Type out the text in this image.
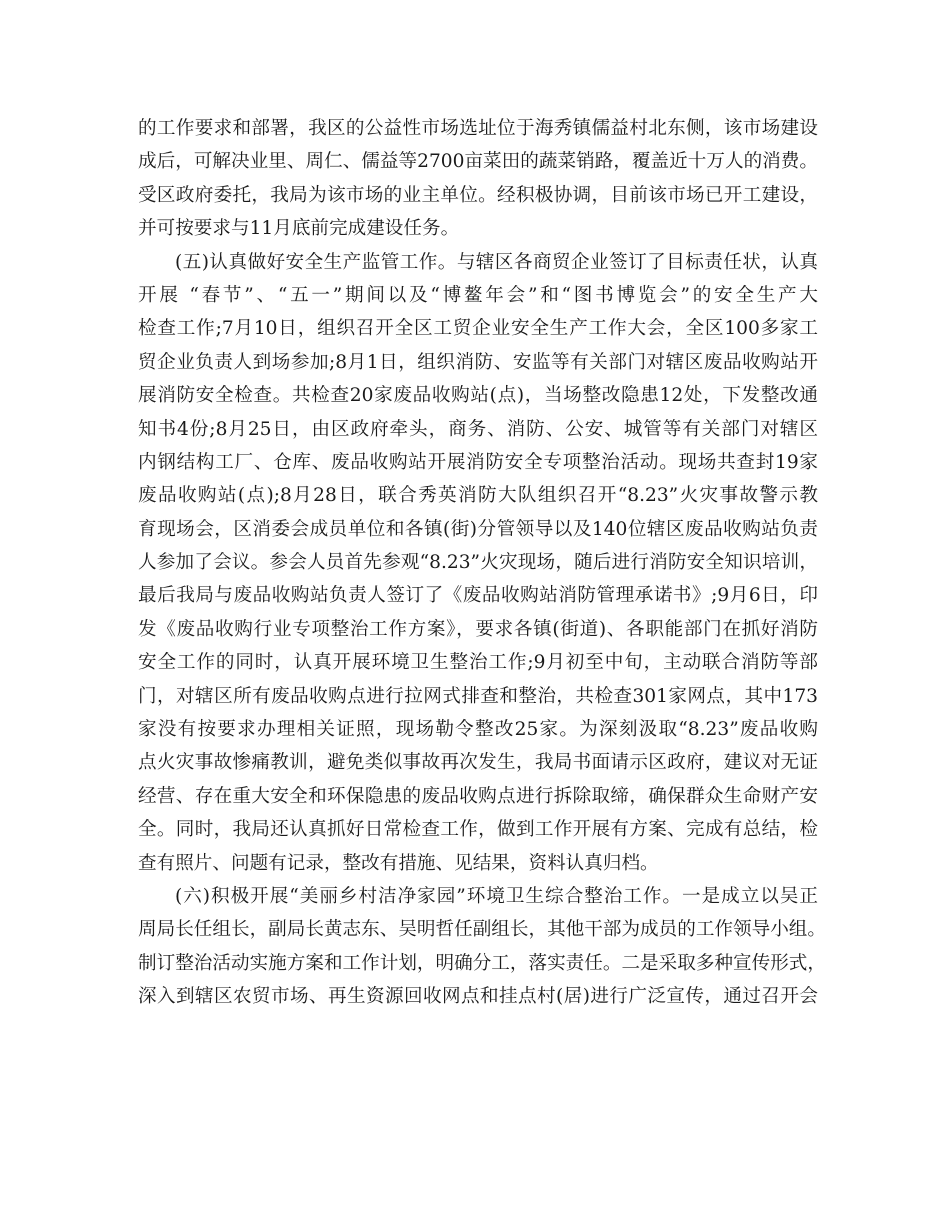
的工作要求和部署，我区的公益性市场选址位于海秀镇儒益村北东侧，该市场建设
成后，可解决业里、周仁、儒益等2700亩菜田的蔬菜销路，覆盖近十万人的消费。
受区政府委托，我局为该市场的业主单位。经积极协调，目前该市场已开工建设，
并可按要求与11月底前完成建设任务。
(五)认真做好安全生产监管工作。与辖区各商贸企业签订了目标责任状，认真
开展 “春节”、“五一”期间以及“博鳌年会”和“图书博览会”的安全生产大
检查工作;7月10日，组织召开全区工贸企业安全生产工作大会，全区100多家工
贸企业负责人到场参加;8月1日，组织消防、安监等有关部门对辖区废品收购站开
展消防安全检查。共检查20家废品收购站(点)，当场整改隐患12处，下发整改通
知书4份;8月25日，由区政府牵头，商务、消防、公安、城管等有关部门对辖区
内钢结构工厂、仓库、废品收购站开展消防安全专项整治活动。现场共查封19家
废品收购站(点);8月28日，联合秀英消防大队组织召开“8.23”火灾事故警示教
育现场会，区消委会成员单位和各镇(街)分管领导以及140位辖区废品收购站负责
人参加了会议。参会人员首先参观“8.23”火灾现场，随后进行消防安全知识培训，
最后我局与废品收购站负责人签订了《废品收购站消防管理承诺书》;9月6日，印
发《废品收购行业专项整治工作方案》，要求各镇(街道)、各职能部门在抓好消防
安全工作的同时，认真开展环境卫生整治工作;9月初至中旬，主动联合消防等部
门，对辖区所有废品收购点进行拉网式排查和整治，共检查301家网点，其中173
家没有按要求办理相关证照，现场勒令整改25家。为深刻汲取“8.23”废品收购
点火灾事故惨痛教训，避免类似事故再次发生，我局书面请示区政府，建议对无证
经营、存在重大安全和环保隐患的废品收购点进行拆除取缔，确保群众生命财产安
全。同时，我局还认真抓好日常检查工作，做到工作开展有方案、完成有总结，检
查有照片、问题有记录，整改有措施、见结果，资料认真归档。
(六)积极开展“美丽乡村洁净家园”环境卫生综合整治工作。一是成立以吴正
周局长任组长，副局长黄志东、吴明哲任副组长，其他干部为成员的工作领导小组。
制订整治活动实施方案和工作计划，明确分工，落实责任。二是采取多种宣传形式，
深入到辖区农贸市场、再生资源回收网点和挂点村(居)进行广泛宣传，通过召开会
